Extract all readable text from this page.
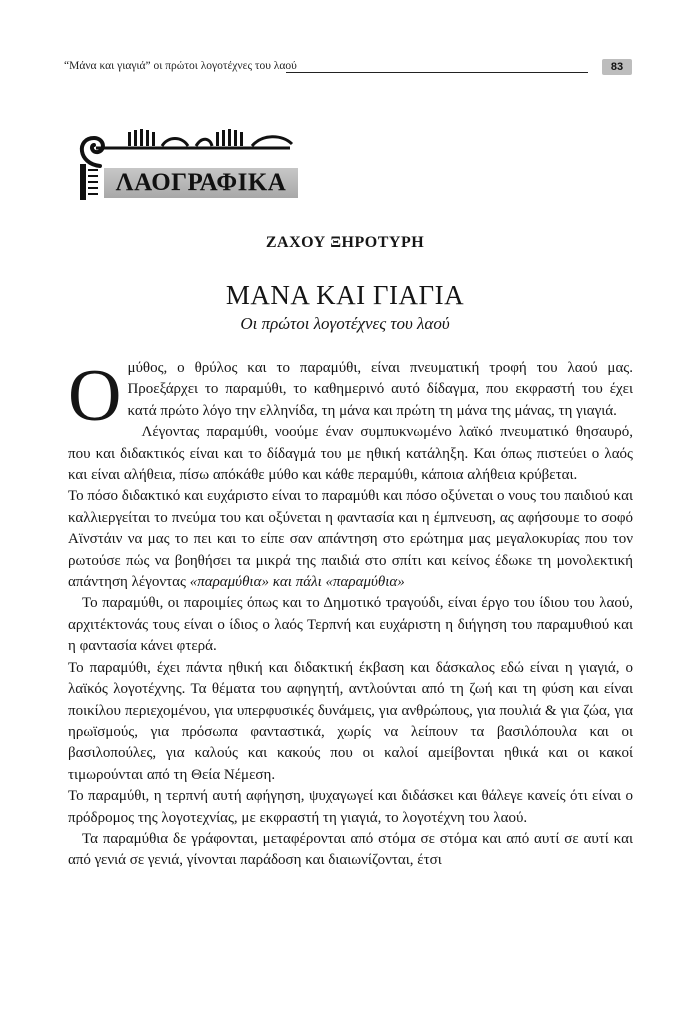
“Μάνα και γιαγιά” οι πρώτοι λογοτέχνες του λαού	83
ΛΑΟΓΡΑΦΙΚΑ
ΖΑΧΟΥ ΞΗΡΟΤΥΡΗ
ΜΑΝΑ ΚΑΙ ΓΙΑΓΙΑ
Οι πρώτοι λογοτέχνες του λαού

Ομύθος, ο θρύλος και το παραμύθι, είναι πνευματική τροφή του λαού μας. Προεξάρχει το παραμύθι, το καθημερινό αυτό δίδαγμα, που εκφραστή του έχει κατά πρώτο λόγο την ελληνίδα, τη μάνα και πρώτη τη μάνα της μάνας, τη γιαγιά.

Λέγοντας παραμύθι, νοούμε έναν συμπυκνωμένο λαϊκό πνευματικό θησαυρό, που και διδακτικός είναι και το δίδαγμά του με ηθική κατάληξη. Και όπως πιστεύει ο λαός και είναι αλήθεια, πίσω απόκάθε μύθο και κάθε περαμύθι, κάποια αλήθεια κρύβεται.

Το πόσο διδακτικό και ευχάριστο είναι το παραμύθι και πόσο οξύνεται ο νους του παιδιού και καλλιεργείται το πνεύμα του και οξύνεται η φαντασία και η έμπνευση, ας αφήσουμε το σοφό Αϊνστάιν να μας το πει και το είπε σαν απάντηση στο ερώτημα μας μεγαλοκυρίας που τον ρωτούσε πώς να βοηθήσει τα μικρά της παιδιά στο σπίτι και κείνος έδωκε τη μονολεκτική απάντηση λέγοντας «παραμύθια» και πάλι «παραμύθια»

Το παραμύθι, οι παροιμίες όπως και το Δημοτικό τραγούδι, είναι έργο του ίδιου του λαού, αρχιτέκτονάς τους είναι ο ίδιος ο λαός Τερπνή και ευχάριστη η διήγηση του παραμυθιού και η φαντασία κάνει φτερά.

Το παραμύθι, έχει πάντα ηθική και διδακτική έκβαση και δάσκαλος εδώ είναι η γιαγιά, ο λαϊκός λογοτέχνης. Τα θέματα του αφηγητή, αντλούνται από τη ζωή και τη φύση και είναι ποικίλου περιεχομένου, για υπερφυσικές δυνάμεις, για ανθρώπους, για πουλιά & για ζώα, για ηρωϊσμούς, για πρόσωπα φανταστικά, χωρίς να λείπουν τα βασιλόπουλα και οι βασιλοπούλες, για καλούς και κακούς που οι καλοί αμείβονται ηθικά και οι κακοί τιμωρούνται από τη Θεία Νέμεση.

Το παραμύθι, η τερπνή αυτή αφήγηση, ψυχαγωγεί και διδάσκει και θάλεγε κανείς ότι είναι ο πρόδρομος της λογοτεχνίας, με εκφραστή τη γιαγιά, το λογοτέχνη του λαού.

Τα παραμύθια δε γράφονται, μεταφέρονται από στόμα σε στόμα και από αυτί σε αυτί και από γενιά σε γενιά, γίνονται παράδοση και διαιωνίζονται, έτσι
